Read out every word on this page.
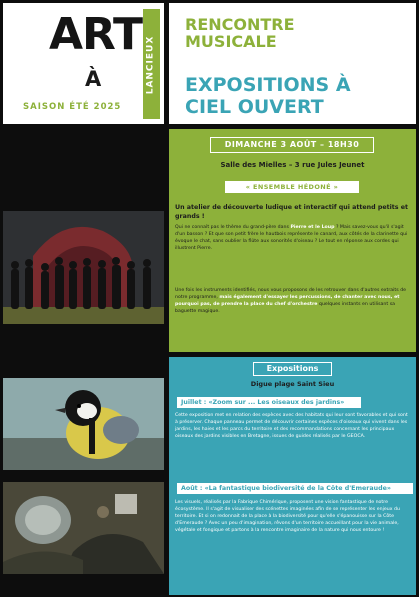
ART
À	LANCIEUX
SAISON ÉTÉ 2025
RENCONTRE
MUSICALE
EXPOSITIONS À
CIEL OUVERT
DIMANCHE 3 AOÛT – 18H30
Salle des Mielles – 3 rue Jules Jeunet
« ENSEMBLE HÉDONÉ »
Un atelier de découverte ludique et interactif qui attend petits et grands !

Qui ne connaît pas le thème du grand-père dans Pierre et le Loup ? Mais savez-vous qu'il s'agit d'un basson ? Et que son petit frère le hautbois représente le canard, aux côtés de la clarinette qui évoque le chat, sans oublier la flûte aux sonorités d'oiseau ? Le tout en réponse aux cordes qui illustrent Pierre.

Une fois les instruments identifiés, nous vous proposons de les retrouver dans d'autres extraits de notre programme, mais également d'essayer les percussions, de chanter avec nous, et pourquoi pas, de prendre la place du chef d'orchestre quelques instants en utilisant sa baguette magique.

Expositions
Digue plage Saint Sieu
Juillet : «Zoom sur ... Les oiseaux des jardins»

Cette exposition met en relation des espèces avec des habitats qui leur sont favorables et qui sont à préserver. Chaque panneau permet de découvrir certaines espèces d'oiseaux qui vivent dans les jardins, les haies et les parcs du territoire et des recommandations concernant les principaux oiseaux des jardins visibles en Bretagne, issues de guides réalisés par le GEOCA.

Août : «La fantastique biodiversité de la Côte d'Emeraude»

Les visuels, réalisés par la Fabrique Chimérique, proposent une vision fantastique de notre écosystème. Il s'agit de visualiser des scénettes imaginées afin de se représenter les enjeux du territoire. Et si on redonnait de la place à la biodiversité pour qu'elle s'épanouisse sur la Côte d'Emeraude ? Avec un peu d'imagination, rêvons d'un territoire accueillant pour la vie animale, végétale et fongique et partons à la rencontre imaginaire de la nature qui nous entoure !
